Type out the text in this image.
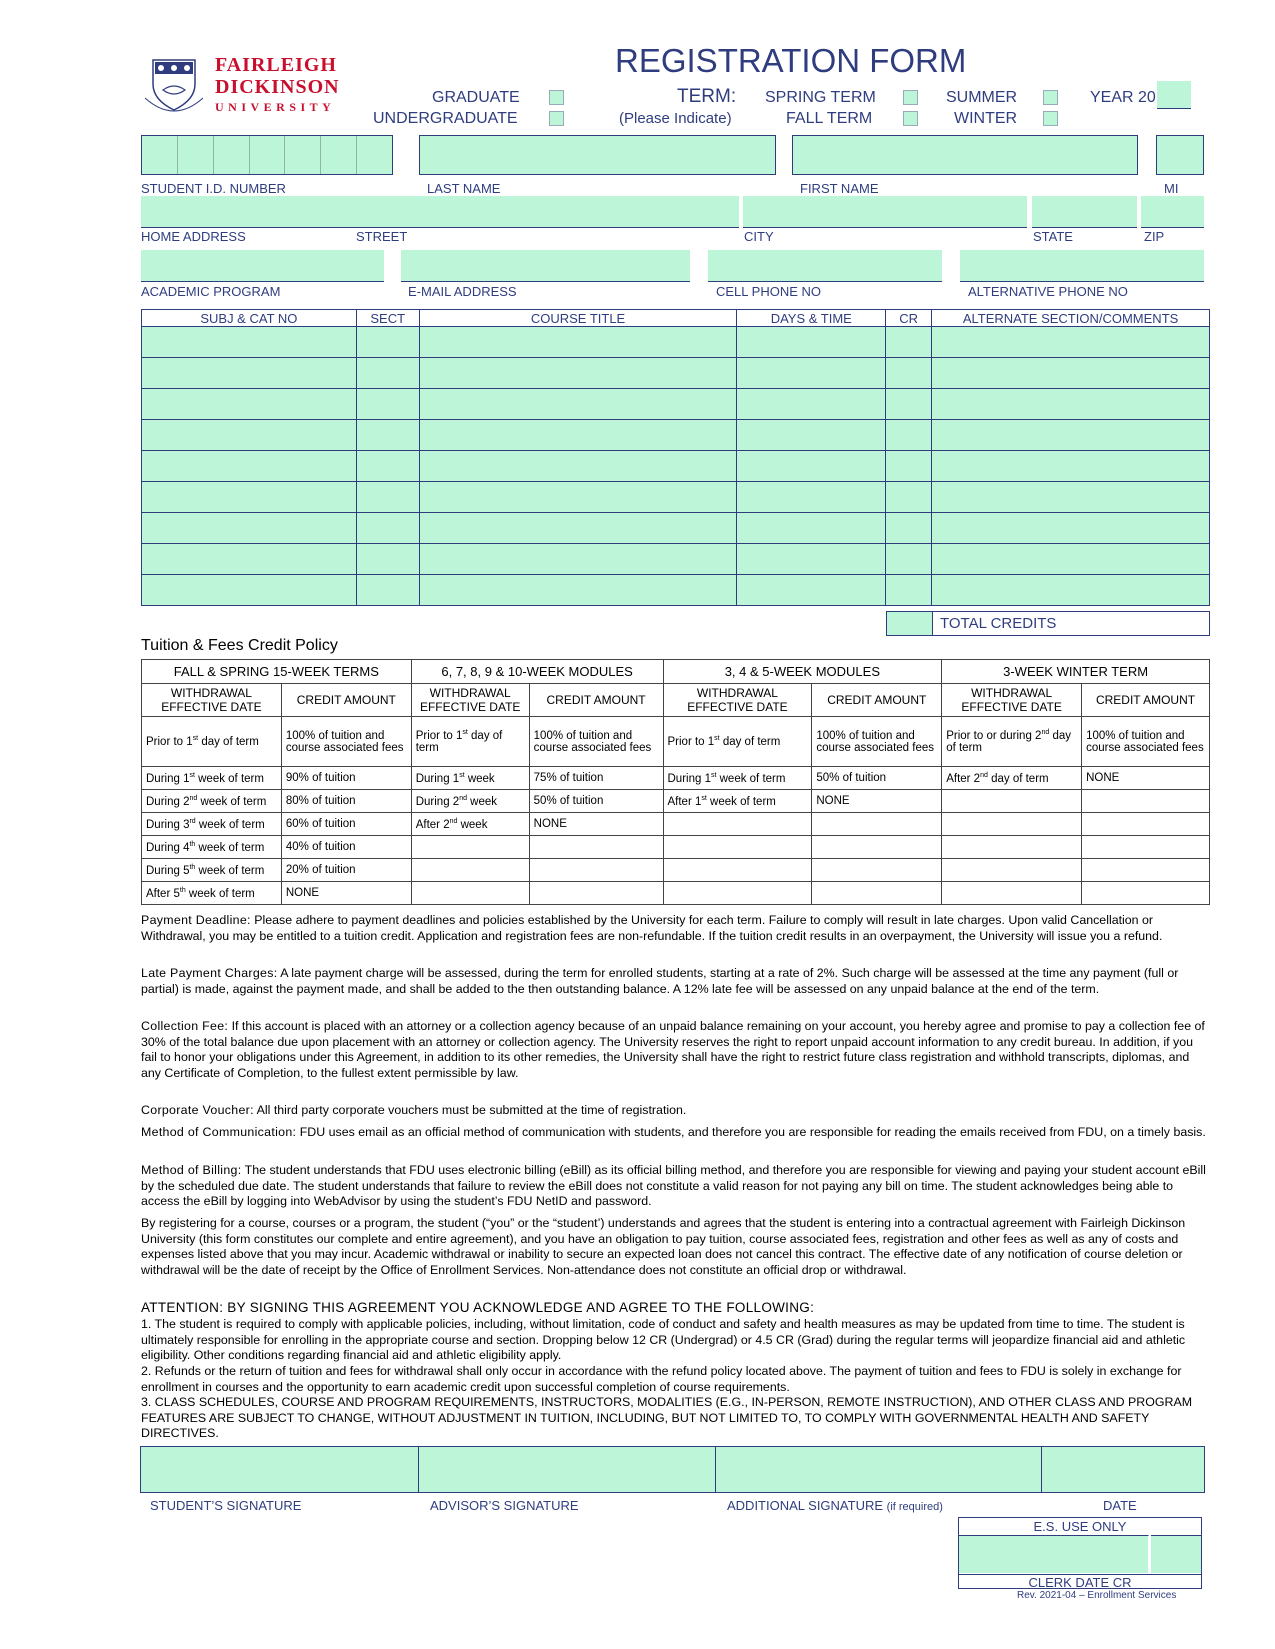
FAIRLEIGH
DICKINSON
UNIVERSITY
REGISTRATION FORM
GRADUATE
UNDERGRADUATE
TERM:
(Please Indicate)
SPRING TERM
FALL TERM
SUMMER
WINTER
YEAR 20
STUDENT I.D. NUMBER	LAST NAME	FIRST NAME	MI
HOME ADDRESS	STREET	CITY	STATE	ZIP
ACADEMIC PROGRAM	E-MAIL ADDRESS	CELL PHONE NO	ALTERNATIVE PHONE NO
SUBJ & CAT NO	SECT	COURSE TITLE	DAYS & TIME	CR	ALTERNATE SECTION/COMMENTS

TOTAL CREDITS
Tuition & Fees Credit Policy
FALL & SPRING 15-WEEK TERMS		6, 7, 8, 9 & 10-WEEK MODULES		3, 4 & 5-WEEK MODULES		3-WEEK WINTER TERM	
WITHDRAWAL EFFECTIVE DATE	CREDIT AMOUNT	WITHDRAWAL EFFECTIVE DATE	CREDIT AMOUNT	WITHDRAWAL EFFECTIVE DATE	CREDIT AMOUNT	WITHDRAWAL EFFECTIVE DATE	CREDIT AMOUNT
Prior to 1st day of term	100% of tuition and course associated fees	Prior to 1st day of term	100% of tuition and course associated fees	Prior to 1st day of term	100% of tuition and course associated fees	Prior to or during 2nd day of term	100% of tuition and course associated fees
During 1st week of term	90% of tuition	During 1st week	75% of tuition	During 1st week of term	50% of tuition	After 2nd day of term	NONE
During 2nd week of term	80% of tuition	During 2nd week	50% of tuition	After 1st week of term	NONE		
During 3rd week of term	60% of tuition	After 2nd week	NONE				
During 4th week of term	40% of tuition						
During 5th week of term	20% of tuition						
After 5th week of term	NONE						
Payment Deadline: Please adhere to payment deadlines and policies established by the University for each term. Failure to comply will result in late charges. Upon valid Cancellation or Withdrawal, you may be entitled to a tuition credit. Application and registration fees are non-refundable. If the tuition credit results in an overpayment, the University will issue you a refund.
Late Payment Charges: A late payment charge will be assessed, during the term for enrolled students, starting at a rate of 2%. Such charge will be assessed at the time any payment (full or partial) is made, against the payment made, and shall be added to the then outstanding balance. A 12% late fee will be assessed on any unpaid balance at the end of the term.
Collection Fee: If this account is placed with an attorney or a collection agency because of an unpaid balance remaining on your account, you hereby agree and promise to pay a collection fee of 30% of the total balance due upon placement with an attorney or collection agency. The University reserves the right to report unpaid account information to any credit bureau. In addition, if you fail to honor your obligations under this Agreement, in addition to its other remedies, the University shall have the right to restrict future class registration and withhold transcripts, diplomas, and any Certificate of Completion, to the fullest extent permissible by law.
Corporate Voucher: All third party corporate vouchers must be submitted at the time of registration.
Method of Communication: FDU uses email as an official method of communication with students, and therefore you are responsible for reading the emails received from FDU, on a timely basis.
Method of Billing: The student understands that FDU uses electronic billing (eBill) as its official billing method, and therefore you are responsible for viewing and paying your student account eBill by the scheduled due date. The student understands that failure to review the eBill does not constitute a valid reason for not paying any bill on time. The student acknowledges being able to access the eBill by logging into WebAdvisor by using the student’s FDU NetID and password.
By registering for a course, courses or a program, the student (“you” or the “student’) understands and agrees that the student is entering into a contractual agreement with Fairleigh Dickinson University (this form constitutes our complete and entire agreement), and you have an obligation to pay tuition, course associated fees, registration and other fees as well as any of costs and expenses listed above that you may incur. Academic withdrawal or inability to secure an expected loan does not cancel this contract. The effective date of any notification of course deletion or withdrawal will be the date of receipt by the Office of Enrollment Services. Non-attendance does not constitute an official drop or withdrawal.
ATTENTION: BY SIGNING THIS AGREEMENT YOU ACKNOWLEDGE AND AGREE TO THE FOLLOWING:
1. The student is required to comply with applicable policies, including, without limitation, code of conduct and safety and health measures as may be updated from time to time. The student is ultimately responsible for enrolling in the appropriate course and section. Dropping below 12 CR (Undergrad) or 4.5 CR (Grad) during the regular terms will jeopardize financial aid and athletic eligibility. Other conditions regarding financial aid and athletic eligibility apply.
2. Refunds or the return of tuition and fees for withdrawal shall only occur in accordance with the refund policy located above. The payment of tuition and fees to FDU is solely in exchange for enrollment in courses and the opportunity to earn academic credit upon successful completion of course requirements.
3. CLASS SCHEDULES, COURSE AND PROGRAM REQUIREMENTS, INSTRUCTORS, MODALITIES (E.G., IN-PERSON, REMOTE INSTRUCTION), AND OTHER CLASS AND PROGRAM FEATURES ARE SUBJECT TO CHANGE, WITHOUT ADJUSTMENT IN TUITION, INCLUDING, BUT NOT LIMITED TO, TO COMPLY WITH GOVERNMENTAL HEALTH AND SAFETY DIRECTIVES.
STUDENT’S SIGNATURE	ADVISOR’S SIGNATURE	ADDITIONAL SIGNATURE (if required)	DATE
E.S. USE ONLY
CLERK DATE CR
Rev. 2021-04 – Enrollment Services
